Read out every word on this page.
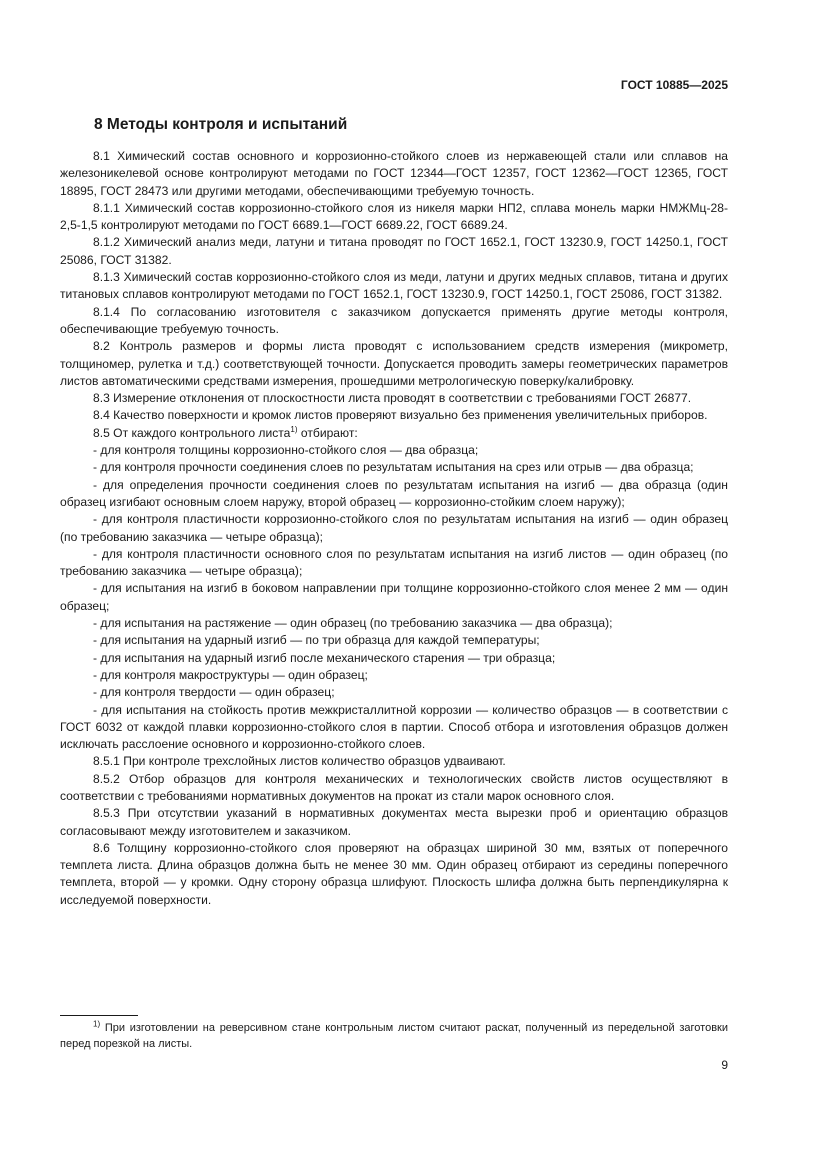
ГОСТ 10885—2025
8 Методы контроля и испытаний

8.1 Химический состав основного и коррозионно-стойкого слоев из нержавеющей стали или сплавов на железоникелевой основе контролируют методами по ГОСТ 12344—ГОСТ 12357, ГОСТ 12362—ГОСТ 12365, ГОСТ 18895, ГОСТ 28473 или другими методами, обеспечивающими требуемую точность.

8.1.1 Химический состав коррозионно-стойкого слоя из никеля марки НП2, сплава монель марки НМЖМц-28-2,5-1,5 контролируют методами по ГОСТ 6689.1—ГОСТ 6689.22, ГОСТ 6689.24.

8.1.2 Химический анализ меди, латуни и титана проводят по ГОСТ 1652.1, ГОСТ 13230.9, ГОСТ 14250.1, ГОСТ 25086, ГОСТ 31382.

8.1.3 Химический состав коррозионно-стойкого слоя из меди, латуни и других медных сплавов, титана и других титановых сплавов контролируют методами по ГОСТ 1652.1, ГОСТ 13230.9, ГОСТ 14250.1, ГОСТ 25086, ГОСТ 31382.

8.1.4 По согласованию изготовителя с заказчиком допускается применять другие методы контроля, обеспечивающие требуемую точность.

8.2 Контроль размеров и формы листа проводят с использованием средств измерения (микрометр, толщиномер, рулетка и т.д.) соответствующей точности. Допускается проводить замеры геометрических параметров листов автоматическими средствами измерения, прошедшими метрологическую поверку/калибровку.

8.3 Измерение отклонения от плоскостности листа проводят в соответствии с требованиями ГОСТ 26877.

8.4 Качество поверхности и кромок листов проверяют визуально без применения увеличительных приборов.

8.5 От каждого контрольного листа$^{1)}$ отбирают:

- для контроля толщины коррозионно-стойкого слоя — два образца;

- для контроля прочности соединения слоев по результатам испытания на срез или отрыв — два образца;

- для определения прочности соединения слоев по результатам испытания на изгиб — два образца (один образец изгибают основным слоем наружу, второй образец — коррозионно-стойким слоем наружу);

- для контроля пластичности коррозионно-стойкого слоя по результатам испытания на изгиб — один образец (по требованию заказчика — четыре образца);

- для контроля пластичности основного слоя по результатам испытания на изгиб листов — один образец (по требованию заказчика — четыре образца);

- для испытания на изгиб в боковом направлении при толщине коррозионно-стойкого слоя менее 2 мм — один образец;

- для испытания на растяжение — один образец (по требованию заказчика — два образца);

- для испытания на ударный изгиб — по три образца для каждой температуры;

- для испытания на ударный изгиб после механического старения — три образца;

- для контроля макроструктуры — один образец;

- для контроля твердости — один образец;

- для испытания на стойкость против межкристаллитной коррозии — количество образцов — в соответствии с ГОСТ 6032 от каждой плавки коррозионно-стойкого слоя в партии. Способ отбора и изготовления образцов должен исключать расслоение основного и коррозионно-стойкого слоев.

8.5.1 При контроле трехслойных листов количество образцов удваивают.

8.5.2 Отбор образцов для контроля механических и технологических свойств листов осуществляют в соответствии с требованиями нормативных документов на прокат из стали марок основного слоя.

8.5.3 При отсутствии указаний в нормативных документах места вырезки проб и ориентацию образцов согласовывают между изготовителем и заказчиком.

8.6 Толщину коррозионно-стойкого слоя проверяют на образцах шириной 30 мм, взятых от поперечного темплета листа. Длина образцов должна быть не менее 30 мм. Один образец отбирают из середины поперечного темплета, второй — у кромки. Одну сторону образца шлифуют. Плоскость шлифа должна быть перпендикулярна к исследуемой поверхности.

$^{1)}$ При изготовлении на реверсивном стане контрольным листом считают раскат, полученный из передельной заготовки перед порезкой на листы.

9
